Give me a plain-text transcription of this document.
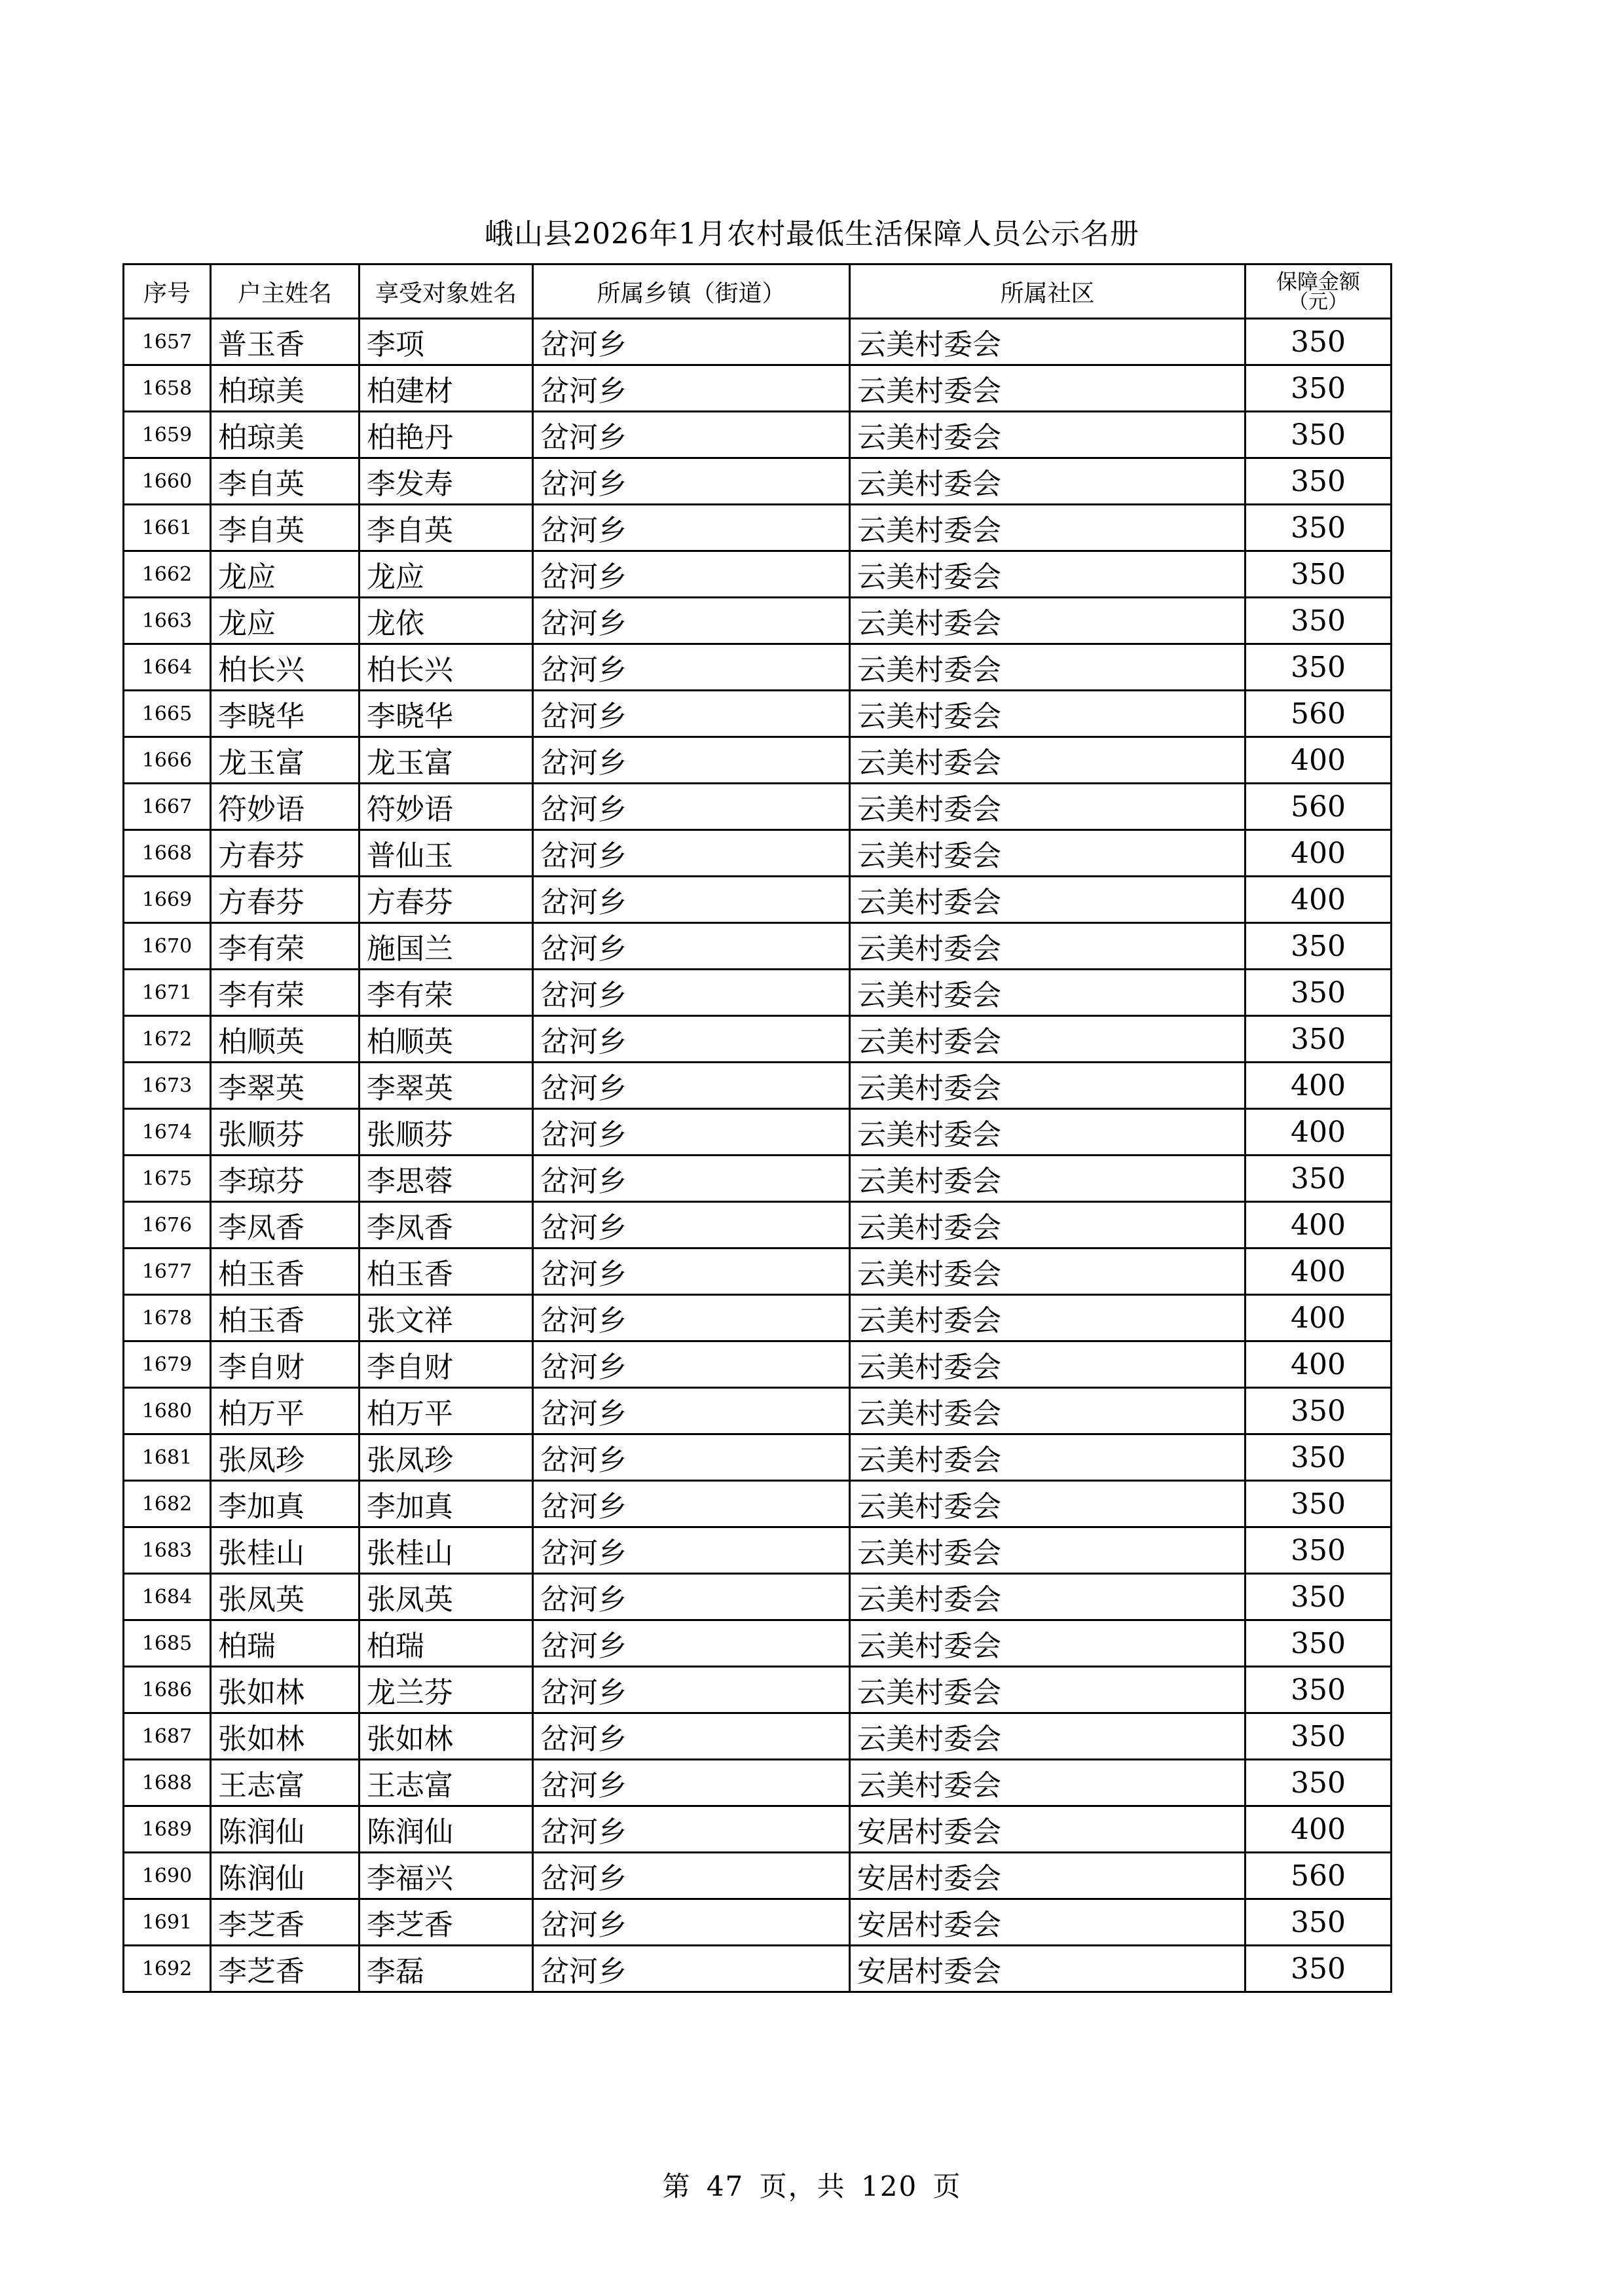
峨山县2026年1月农村最低生活保障人员公示名册
序号	户主姓名	享受对象姓名	所属乡镇（街道）	所属社区	保障金额
（元）

1657	普玉香	李项	岔河乡	云美村委会	350
1658	柏琼美	柏建材	岔河乡	云美村委会	350
1659	柏琼美	柏艳丹	岔河乡	云美村委会	350
1660	李自英	李发寿	岔河乡	云美村委会	350
1661	李自英	李自英	岔河乡	云美村委会	350
1662	龙应	龙应	岔河乡	云美村委会	350
1663	龙应	龙依	岔河乡	云美村委会	350
1664	柏长兴	柏长兴	岔河乡	云美村委会	350
1665	李晓华	李晓华	岔河乡	云美村委会	560
1666	龙玉富	龙玉富	岔河乡	云美村委会	400
1667	符妙语	符妙语	岔河乡	云美村委会	560
1668	方春芬	普仙玉	岔河乡	云美村委会	400
1669	方春芬	方春芬	岔河乡	云美村委会	400
1670	李有荣	施国兰	岔河乡	云美村委会	350
1671	李有荣	李有荣	岔河乡	云美村委会	350
1672	柏顺英	柏顺英	岔河乡	云美村委会	350
1673	李翠英	李翠英	岔河乡	云美村委会	400
1674	张顺芬	张顺芬	岔河乡	云美村委会	400
1675	李琼芬	李思蓉	岔河乡	云美村委会	350
1676	李凤香	李凤香	岔河乡	云美村委会	400
1677	柏玉香	柏玉香	岔河乡	云美村委会	400
1678	柏玉香	张文祥	岔河乡	云美村委会	400
1679	李自财	李自财	岔河乡	云美村委会	400
1680	柏万平	柏万平	岔河乡	云美村委会	350
1681	张凤珍	张凤珍	岔河乡	云美村委会	350
1682	李加真	李加真	岔河乡	云美村委会	350
1683	张桂山	张桂山	岔河乡	云美村委会	350
1684	张凤英	张凤英	岔河乡	云美村委会	350
1685	柏瑞	柏瑞	岔河乡	云美村委会	350
1686	张如林	龙兰芬	岔河乡	云美村委会	350
1687	张如林	张如林	岔河乡	云美村委会	350
1688	王志富	王志富	岔河乡	云美村委会	350
1689	陈润仙	陈润仙	岔河乡	安居村委会	400
1690	陈润仙	李福兴	岔河乡	安居村委会	560
1691	李芝香	李芝香	岔河乡	安居村委会	350
1692	李芝香	李磊	岔河乡	安居村委会	350
第 47 页，共 120 页
